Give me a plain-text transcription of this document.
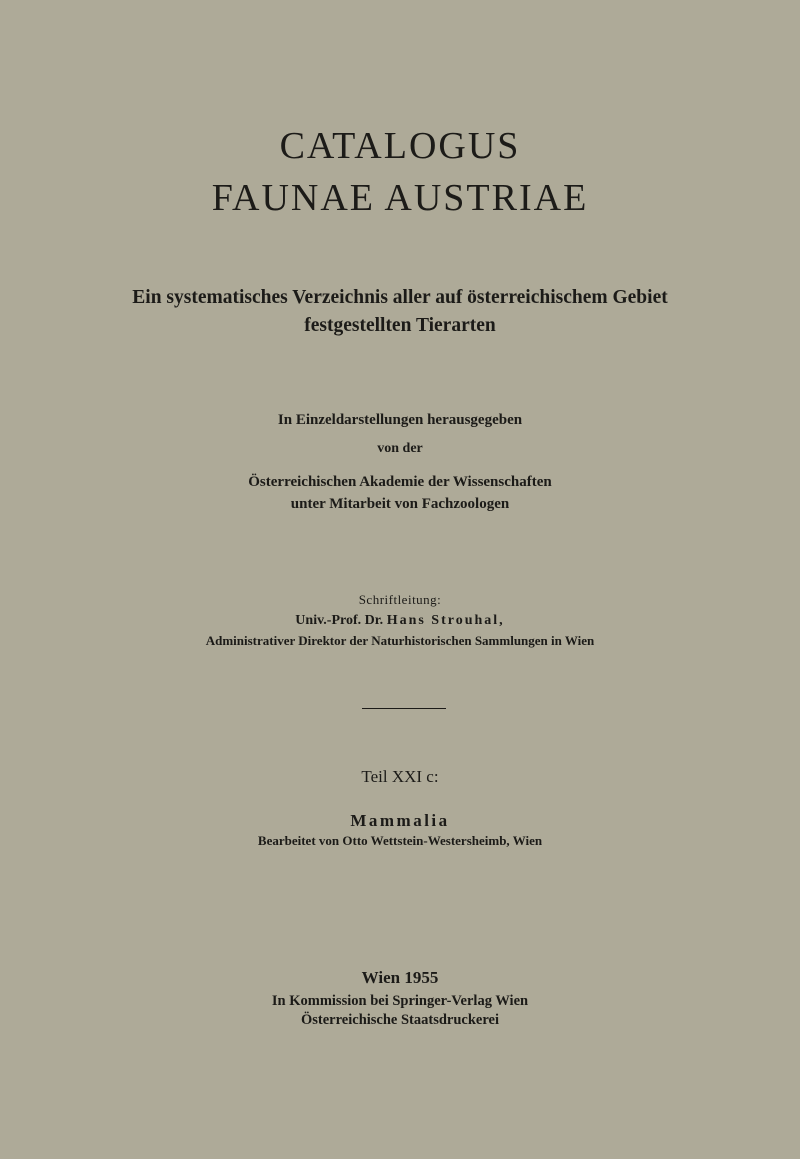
CATALOGUS
FAUNAE AUSTRIAE
Ein systematisches Verzeichnis aller auf österreichischem Gebiet
festgestellten Tierarten
In Einzeldarstellungen herausgegeben
von der
Österreichischen Akademie der Wissenschaften
unter Mitarbeit von Fachzoologen
Schriftleitung:
Univ.-Prof. Dr. Hans Strouhal,
Administrativer Direktor der Naturhistorischen Sammlungen in Wien
Teil XXI c:
Mammalia
Bearbeitet von Otto Wettstein-Westersheimb, Wien
Wien 1955
In Kommission bei Springer-Verlag Wien
Österreichische Staatsdruckerei
